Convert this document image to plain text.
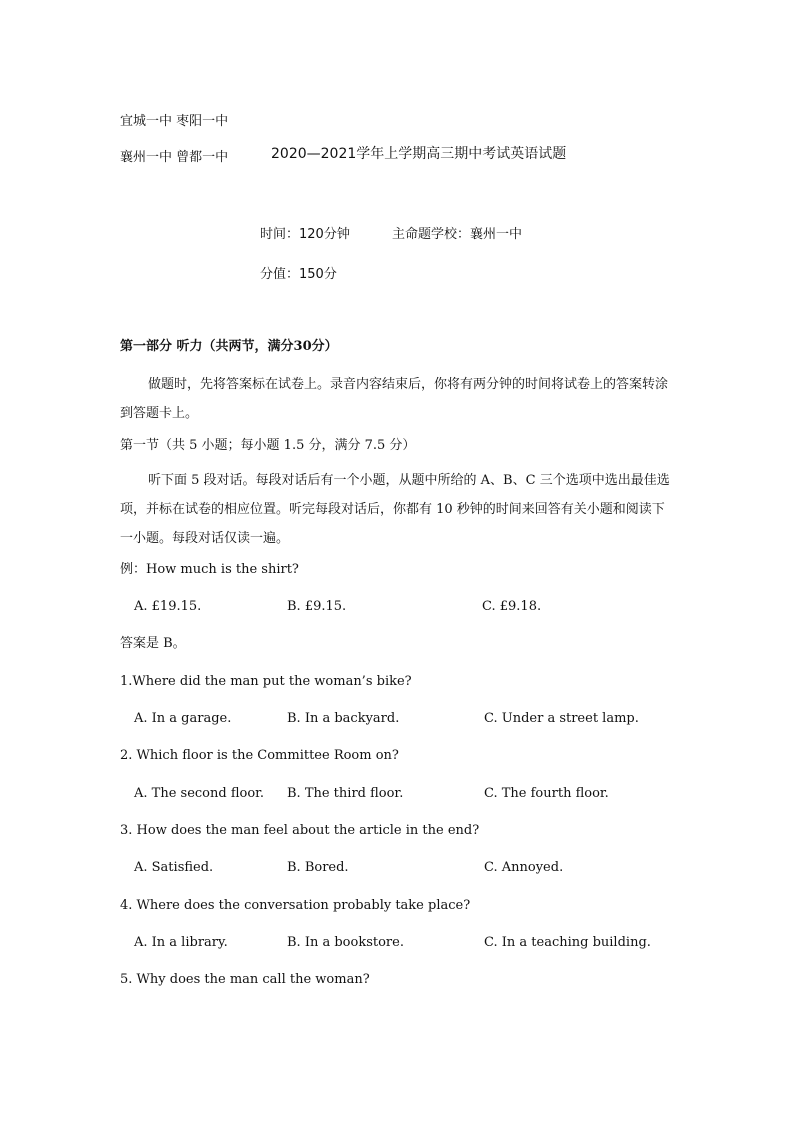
宜城一中 枣阳一中
襄州一中 曾都一中	2020—2021学年上学期高三期中考试英语试题
时间：120分钟	主命题学校：襄州一中
分值：150分
第一部分 听力（共两节，满分30分）
做题时，先将答案标在试卷上。录音内容结束后，你将有两分钟的时间将试卷上的答案转涂到答题卡上。
第一节（共 5 小题；每小题 1.5 分，满分 7.5 分）
听下面 5 段对话。每段对话后有一个小题，从题中所给的 A、B、C 三个选项中选出最佳选项，并标在试卷的相应位置。听完每段对话后，你都有 10 秒钟的时间来回答有关小题和阅读下一小题。每段对话仅读一遍。
例：How much is the shirt?
A. £19.15.	B. £9.15.	C. £9.18.
答案是 B。
1.Where did the man put the woman’s bike?
A. In a garage.	B. In a backyard.	C. Under a street lamp.
2. Which floor is the Committee Room on?
A. The second floor. B. The third floor.	C. The fourth floor.
3. How does the man feel about the article in the end?
A. Satisfied.	B. Bored.	C. Annoyed.
4. Where does the conversation probably take place?
A. In a library.	B. In a bookstore.	C. In a teaching building.
5. Why does the man call the woman?
